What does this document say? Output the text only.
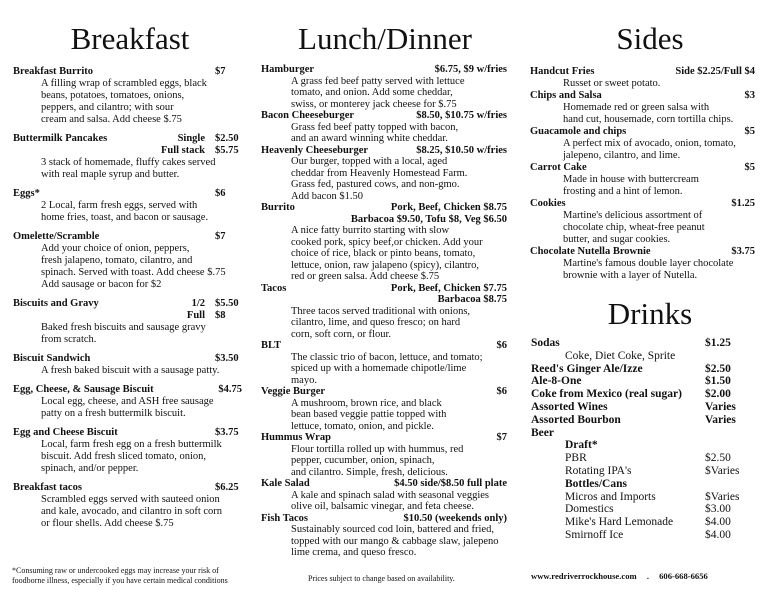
Breakfast	Lunch/Dinner	Sides
Drinks
Breakfast Burrito	$7
A filling wrap of scrambled eggs, black
beans, potatoes, tomatoes, onions,
peppers, and cilantro; with sour
cream and salsa. Add cheese $.75
Buttermilk Pancakes	Single $2.50
Full stack $5.75
3 stack of homemade, fluffy cakes served
with real maple syrup and butter.
Eggs*	$6
2 Local, farm fresh eggs, served with
home fries, toast, and bacon or sausage.
Omelette/Scramble	$7
Add your choice of onion, peppers,
fresh jalapeno, tomato, cilantro, and
spinach. Served with toast. Add cheese $.75
Add sausage or bacon for $2
Biscuits and Gravy	1/2 $5.50
Full $8
Baked fresh biscuits and sausage gravy
from scratch.
Biscuit Sandwich	$3.50
A fresh baked biscuit with a sausage patty.
Egg, Cheese, & Sausage Biscuit	$4.75
Local egg, cheese, and ASH free sausage
patty on a fresh buttermilk biscuit.
Egg and Cheese Biscuit	$3.75
Local, farm fresh egg on a fresh buttermilk
biscuit. Add fresh sliced tomato, onion,
spinach, and/or pepper.
Breakfast tacos	$6.25
Scrambled eggs served with sauteed onion
and kale, avocado, and cilantro in soft corn
or flour shells. Add cheese $.75
Hamburger	$6.75, $9 w/fries
A grass fed beef patty served with lettuce
tomato, and onion. Add some cheddar,
swiss, or monterey jack cheese for $.75
Bacon Cheeseburger	$8.50, $10.75 w/fries
Grass fed beef patty topped with bacon,
and an award winning white cheddar.
Heavenly Cheeseburger	$8.25, $10.50 w/fries
Our burger, topped with a local, aged
cheddar from Heavenly Homestead Farm.
Grass fed, pastured cows, and non-gmo.
Add bacon $1.50
Burrito	Pork, Beef, Chicken $8.75
Barbacoa $9.50, Tofu $8, Veg $6.50
A nice fatty burrito starting with slow
cooked pork, spicy beef,or chicken. Add your
choice of rice, black or pinto beans, tomato,
lettuce, onion, raw jalapeno (spicy), cilantro,
red or green salsa. Add cheese $.75
Tacos	Pork, Beef, Chicken $7.75
Barbacoa $8.75
Three tacos served traditional with onions,
cilantro, lime, and queso fresco; on hard
corn, soft corn, or flour.
BLT	$6
The classic trio of bacon, lettuce, and tomato;
spiced up with a homemade chipotle/lime
mayo.
Veggie Burger	$6
A mushroom, brown rice, and black
bean based veggie pattie topped with
lettuce, tomato, onion, and pickle.
Hummus Wrap	$7
Flour tortilla rolled up with hummus, red
pepper, cucumber, onion, spinach,
and cilantro. Simple, fresh, delicious.
Kale Salad	$4.50 side/$8.50 full plate
A kale and spinach salad with seasonal veggies
olive oil, balsamic vinegar, and feta cheese.
Fish Tacos	$10.50 (weekends only)
Sustainably sourced cod loin, battered and fried,
topped with our mango & cabbage slaw, jalepeno
lime crema, and queso fresco.
Handcut Fries	Side $2.25/Full $4
Russet or sweet potato.
Chips and Salsa	$3
Homemade red or green salsa with
hand cut, housemade, corn tortilla chips.
Guacamole and chips	$5
A perfect mix of avocado, onion, tomato,
jalepeno, cilantro, and lime.
Carrot Cake	$5
Made in house with buttercream
frosting and a hint of lemon.
Cookies	$1.25
Martine's delicious assortment of
chocolate chip, wheat-free peanut
butter, and sugar cookies.
Chocolate Nutella Brownie	$3.75
Martine's famous double layer chocolate
brownie with a layer of Nutella.
Sodas	$1.25
Coke, Diet Coke, Sprite
Reed's Ginger Ale/Izze	$2.50
Ale-8-One	$1.50
Coke from Mexico (real sugar)	$2.00
Assorted Wines	Varies
Assorted Bourbon	Varies
Beer
Draft*
PBR	$2.50
Rotating IPA's	$Varies
Bottles/Cans
Micros and Imports	$Varies
Domestics	$3.00
Mike's Hard Lemonade	$4.00
Smirnoff Ice	$4.00
*Consuming raw or undercooked eggs may increase your risk of
foodborne illness, especially if you have certain medical conditions	Prices subject to change based on availability.	www.redriverrockhouse.com . 606-668-6656
